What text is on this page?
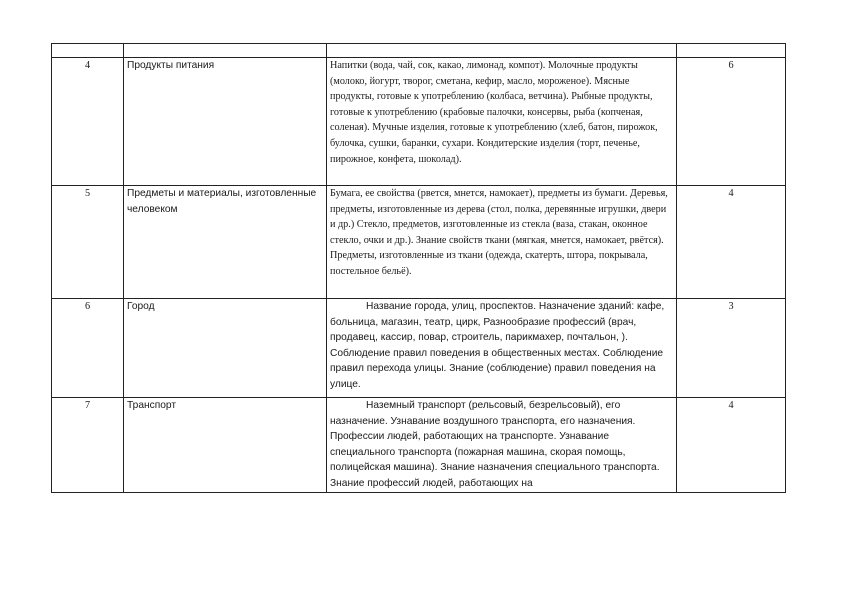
4	Продукты питания	Напитки (вода, чай, сок, какао, лимонад, компот). Молочные продукты (молоко, йогурт, творог, сметана, кефир, масло, мороженое). Мясные продукты, готовые к употреблению (колбаса, ветчина). Рыбные продукты, готовые к употреблению (крабовые палочки, консервы, рыба (копченая, соленая). Мучные изделия, готовые к употреблению (хлеб, батон, пирожок, булочка, сушки, баранки, сухари. Кондитерские изделия (торт, печенье, пирожное, конфета, шоколад).	6
5	Предметы и материалы, изготовленные человеком	Бумага, ее свойства (рвется, мнется, намокает), предметы из бумаги. Деревья, предметы, изготовленные из дерева (стол, полка, деревянные игрушки, двери и др.) Стекло, предметов, изготовленные из стекла (ваза, стакан, оконное стекло, очки и др.). Знание свойств ткани (мягкая, мнется, намокает, рвётся). Предметы, изготовленные из ткани (одежда, скатерть, штора, покрывала, постельное бельё).	4
6	Город	Название города, улиц, проспектов. Назначение зданий: кафе, больница, магазин, театр, цирк, Разнообразие профессий (врач, продавец, кассир, повар, строитель, парикмахер, почтальон, ). Соблюдение правил поведения в общественных местах. Соблюдение правил перехода улицы. Знание (соблюдение) правил поведения на улице.	3
7	Транспорт	Наземный транспорт (рельсовый, безрельсовый), его назначение. Узнавание воздушного транспорта, его назначения. Профессии людей, работающих на транспорте. Узнавание специального транспорта (пожарная машина, скорая помощь, полицейская машина). Знание назначения специального транспорта. Знание профессий людей, работающих на	4
